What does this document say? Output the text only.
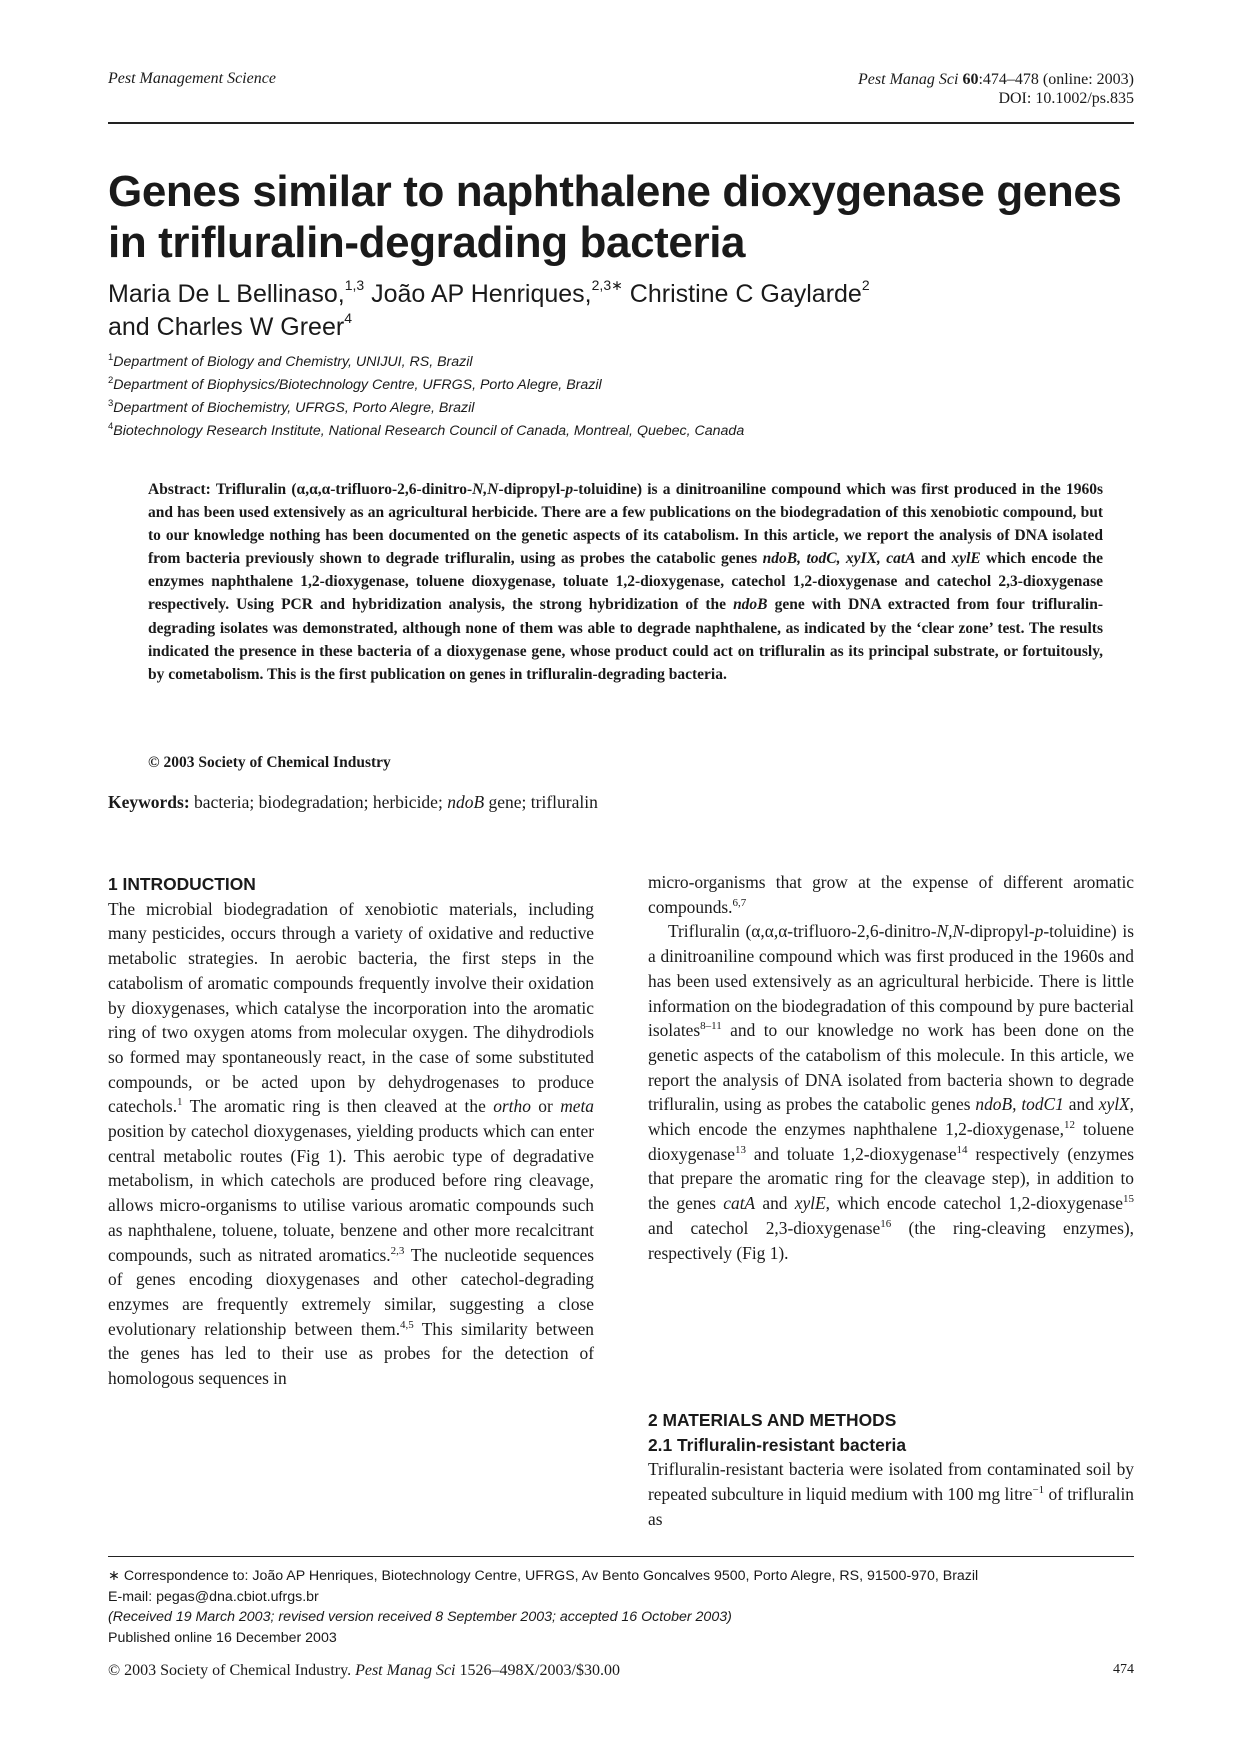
Pest Management Science	Pest Manag Sci 60:474–478 (online: 2003)
DOI: 10.1002/ps.835
Genes similar to naphthalene dioxygenase genes in trifluralin-degrading bacteria
Maria De L Bellinaso,$^{1,3}$ João AP Henriques,$^{2,3∗}$ Christine C Gaylarde$^2$
and Charles W Greer$^4$
$^1$Department of Biology and Chemistry, UNIJUI, RS, Brazil
$^2$Department of Biophysics/Biotechnology Centre, UFRGS, Porto Alegre, Brazil
$^3$Department of Biochemistry, UFRGS, Porto Alegre, Brazil
$^4$Biotechnology Research Institute, National Research Council of Canada, Montreal, Quebec, Canada
Abstract: Trifluralin (α,α,α-trifluoro-2,6-dinitro-N,N-dipropyl-p-toluidine) is a dinitroaniline compound which was first produced in the 1960s and has been used extensively as an agricultural herbicide. There are a few publications on the biodegradation of this xenobiotic compound, but to our knowledge nothing has been documented on the genetic aspects of its catabolism. In this article, we report the analysis of DNA isolated from bacteria previously shown to degrade trifluralin, using as probes the catabolic genes ndoB, todC, xyIX, catA and xylE which encode the enzymes naphthalene 1,2-dioxygenase, toluene dioxygenase, toluate 1,2-dioxygenase, catechol 1,2-dioxygenase and catechol 2,3-dioxygenase respectively. Using PCR and hybridization analysis, the strong hybridization of the ndoB gene with DNA extracted from four trifluralin-degrading isolates was demonstrated, although none of them was able to degrade naphthalene, as indicated by the ‘clear zone’ test. The results indicated the presence in these bacteria of a dioxygenase gene, whose product could act on trifluralin as its principal substrate, or fortuitously, by cometabolism. This is the first publication on genes in trifluralin-degrading bacteria.
© 2003 Society of Chemical Industry
Keywords: bacteria; biodegradation; herbicide; ndoB gene; trifluralin
1 INTRODUCTION

The microbial biodegradation of xenobiotic materials, including many pesticides, occurs through a variety of oxidative and reductive metabolic strategies. In aerobic bacteria, the first steps in the catabolism of aromatic compounds frequently involve their oxidation by dioxygenases, which catalyse the incorporation into the aromatic ring of two oxygen atoms from molecular oxygen. The dihydrodiols so formed may spontaneously react, in the case of some substituted compounds, or be acted upon by dehydrogenases to produce catechols.$^1$ The aromatic ring is then cleaved at the ortho or meta position by catechol dioxygenases, yielding products which can enter central metabolic routes (Fig 1). This aerobic type of degradative metabolism, in which catechols are produced before ring cleavage, allows micro-organisms to utilise various aromatic compounds such as naphthalene, toluene, toluate, benzene and other more recalcitrant compounds, such as nitrated aromatics.$^{2,3}$ The nucleotide sequences of genes encoding dioxygenases and other catechol-degrading enzymes are frequently extremely similar, suggesting a close evolutionary relationship between them.$^{4,5}$ This similarity between the genes has led to their use as probes for the detection of homologous sequences in

micro-organisms that grow at the expense of different aromatic compounds.$^{6,7}$

Trifluralin (α,α,α-trifluoro-2,6-dinitro-N,N-dipropyl-p-toluidine) is a dinitroaniline compound which was first produced in the 1960s and has been used extensively as an agricultural herbicide. There is little information on the biodegradation of this compound by pure bacterial isolates$^{8-11}$ and to our knowledge no work has been done on the genetic aspects of the catabolism of this molecule. In this article, we report the analysis of DNA isolated from bacteria shown to degrade trifluralin, using as probes the catabolic genes ndoB, todC1 and xylX, which encode the enzymes naphthalene 1,2-dioxygenase,$^{12}$ toluene dioxygenase$^{13}$ and toluate 1,2-dioxygenase$^{14}$ respectively (enzymes that prepare the aromatic ring for the cleavage step), in addition to the genes catA and xylE, which encode catechol 1,2-dioxygenase$^{15}$ and catechol 2,3-dioxygenase$^{16}$ (the ring-cleaving enzymes), respectively (Fig 1).

2 MATERIALS AND METHODS
2.1 Trifluralin-resistant bacteria

Trifluralin-resistant bacteria were isolated from contaminated soil by repeated subculture in liquid medium with 100 mg litre$^{-1}$ of trifluralin as

∗ Correspondence to: João AP Henriques, Biotechnology Centre, UFRGS, Av Bento Goncalves 9500, Porto Alegre, RS, 91500-970, Brazil
E-mail: pegas@dna.cbiot.ufrgs.br
(Received 19 March 2003; revised version received 8 September 2003; accepted 16 October 2003)
Published online 16 December 2003
© 2003 Society of Chemical Industry. Pest Manag Sci 1526–498X/2003/$30.00	474
